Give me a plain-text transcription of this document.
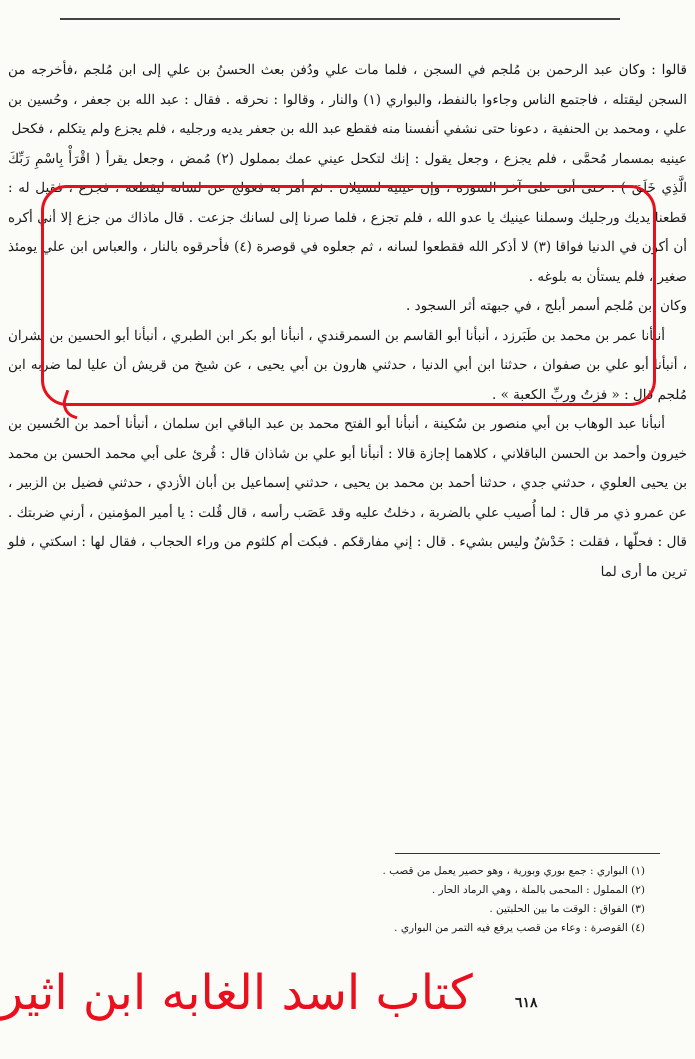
قالوا : وكان عبد الرحمن بن مُلجم في السجن ، فلما مات علي ودُفن بعث الحسنُ بن علي إلى ابن مُلجم ،فأخرجه من السجن ليقتله ، فاجتمع الناس وجاءوا بالنفط، والبواري (١) والنار ، وقالوا : نحرقه . فقال : عبد الله بن جعفر ، وحُسين بن علي ، ومحمد بن الحنفية ، دعونا حتى نشفي أنفسنا منه فقطع عبد الله بن جعفر يديه ورجليه ، فلم يجزع ولم يتكلم ، فكحل

عينيه بمسمار مُحمَّى ، فلم يجزع ، وجعل يقول : إنك لتكحل عيني عمك بمملول (٢) مُمض ، وجعل يقرأ ( اقْرَأْ بِاسْمِ رَبِّكَ الَّذِي خَلَقَ ) : حتى أتى على آخر السورة ، وإن عينية لتسيلان . ثم أمر به فعولج عن لسانه ليقطعه ، فجزع ، فقيل له : قطعنا يديك ورجليك وسملنا عينيك يا عدو الله ، فلم تجزع ، فلما صرنا إلى لسانك جزعت . قال ماذاك من جزع إلا أني أكره أن أكون في الدنيا فواقا (٣) لا أذكر الله فقطعوا لسانه ، ثم جعلوه في قوصرة (٤) فأحرقوه بالنار ، والعباس ابن علي يومئذ صغير ، فلم يستأن به بلوغه .

وكان ابن مُلجم أسمر أبلج ، في جبهته أثر السجود .

أنبأنا عمر بن محمد بن طَبَرزد ، أنبأنا أبو القاسم بن السمرقندي ، أنبأنا أبو بكر ابن الطبري ، أنبأنا أبو الحسين بن بشران ، أنبأنا أبو علي بن صفوان ، حدثنا ابن أبي الدنيا ، حدثني هارون بن أبي يحيى ، عن شيخ من قريش أن عليا لما ضربه ابن مُلجم قال : « فزتُ وربِّ الكعبة » .

أنبأنا عبد الوهاب بن أبي منصور بن سُكينة ، أنبأنا أبو الفتح محمد بن عبد الباقي ابن سلمان ، أنبأنا أحمد بن الحُسين بن خيرون وأحمد بن الحسن الباقلاني ، كلاهما إجازة قالا : أنبأنا أبو علي بن شاذان قال : قُرئ على أبي محمد الحسن بن محمد بن يحيى العلوي ، حدثني جدي ، حدثنا أحمد بن محمد بن يحيى ، حدثني إسماعيل بن أبان الأزدي ، حدثني فضيل بن الزبير ، عن عمرو ذي مر قال : لما أُصيب علي بالضربة ، دخلتُ عليه وقد عَصَب رأسه ، قال قُلت : يا أمير المؤمنين ، أرني ضربتك . قال : فحلّها ، فقلت : خَدْشٌ وليس بشيء . قال : إني مفارقكم . فبكت أم كلثوم من وراء الحجاب ، فقال لها : اسكتي ، فلو ترين ما أرى لما

(١) البواري : جمع بوري وبورية ، وهو حصير يعمل من قصب .
(٢) المملول : المحمى بالملة ، وهي الرماد الحار .
(٣) الفواق : الوقت ما بين الحلبتين .
(٤) القوصرة : وعاء من قصب يرفع فيه التمر من البواري .
٦١٨
كتاب اسد الغابه ابن اثير
